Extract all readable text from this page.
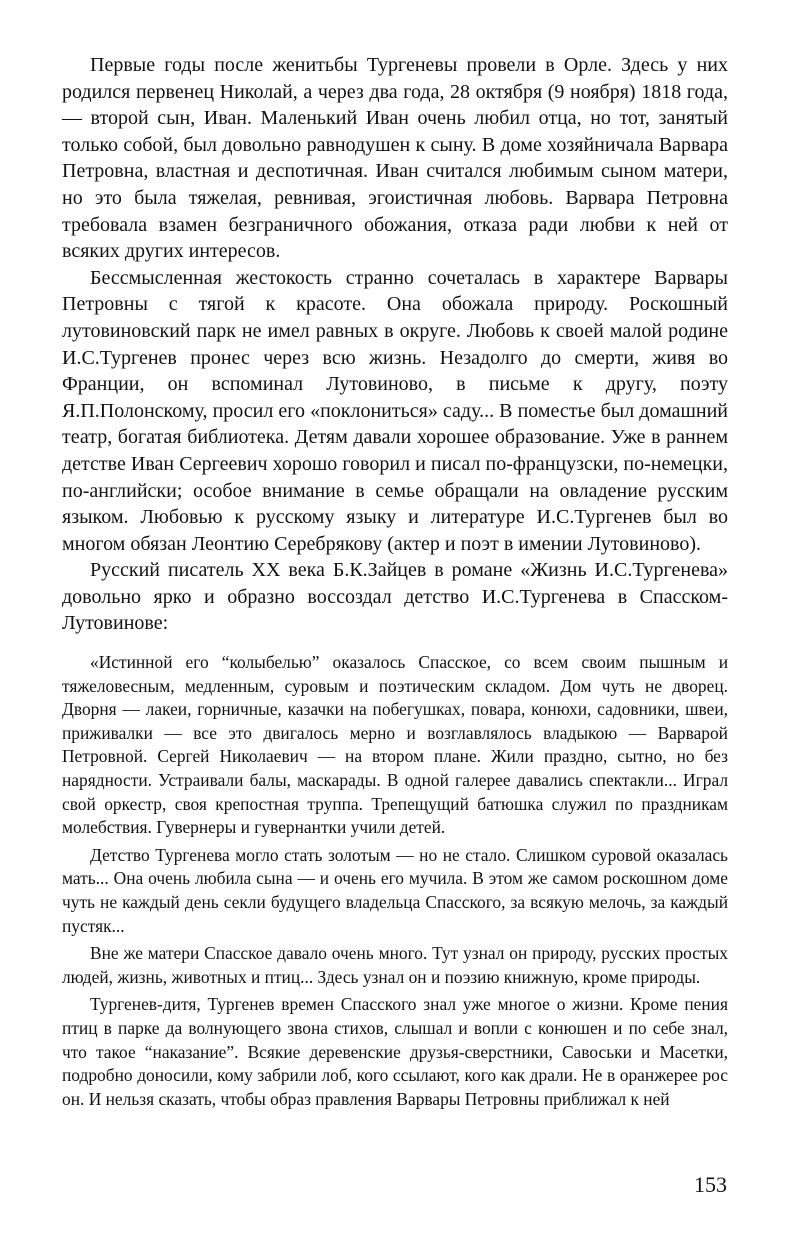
Первые годы после женитьбы Тургеневы провели в Орле. Здесь у них родился первенец Николай, а через два года, 28 октября (9 ноября) 1818 года, — второй сын, Иван. Маленький Иван очень любил отца, но тот, занятый только собой, был довольно равнодушен к сыну. В доме хозяйничала Варвара Петровна, властная и деспотичная. Иван считался любимым сыном матери, но это была тяжелая, ревнивая, эгоистичная любовь. Варвара Петровна требовала взамен безграничного обожания, отказа ради любви к ней от всяких других интересов.

Бессмысленная жестокость странно сочеталась в характере Варвары Петровны с тягой к красоте. Она обожала природу. Роскошный лутовиновский парк не имел равных в округе. Любовь к своей малой родине И.С.Тургенев пронес через всю жизнь. Незадолго до смерти, живя во Франции, он вспоминал Лутовиново, в письме к другу, поэту Я.П.Полонскому, просил его «поклониться» саду... В поместье был домашний театр, богатая библиотека. Детям давали хорошее образование. Уже в раннем детстве Иван Сергеевич хорошо говорил и писал по-французски, по-немецки, по-английски; особое внимание в семье обращали на овладение русским языком. Любовью к русскому языку и литературе И.С.Тургенев был во многом обязан Леонтию Серебрякову (актер и поэт в имении Лутовиново).

Русский писатель XX века Б.К.Зайцев в романе «Жизнь И.С.Тургенева» довольно ярко и образно воссоздал детство И.С.Тургенева в Спасском-Лутовинове:

«Истинной его “колыбелью” оказалось Спасское, со всем своим пышным и тяжеловесным, медленным, суровым и поэтическим складом. Дом чуть не дворец. Дворня — лакеи, горничные, казачки на побегушках, повара, конюхи, садовники, швеи, приживалки — все это двигалось мерно и возглавлялось владыкою — Варварой Петровной. Сергей Николаевич — на втором плане. Жили праздно, сытно, но без нарядности. Устраивали балы, маскарады. В одной галерее давались спектакли... Играл свой оркестр, своя крепостная труппа. Трепещущий батюшка служил по праздникам молебствия. Гувернеры и гувернантки учили детей.

Детство Тургенева могло стать золотым — но не стало. Слишком суровой оказалась мать... Она очень любила сына — и очень его мучила. В этом же самом роскошном доме чуть не каждый день секли будущего владельца Спасского, за всякую мелочь, за каждый пустяк...

Вне же матери Спасское давало очень много. Тут узнал он природу, русских простых людей, жизнь, животных и птиц... Здесь узнал он и поэзию книжную, кроме природы.

Тургенев-дитя, Тургенев времен Спасского знал уже многое о жизни. Кроме пения птиц в парке да волнующего звона стихов, слышал и вопли с конюшен и по себе знал, что такое “наказание”. Всякие деревенские друзья-сверстники, Савоськи и Масетки, подробно доносили, кому забрили лоб, кого ссылают, кого как драли. Не в оранжерее рос он. И нельзя сказать, чтобы образ правления Варвары Петровны приближал к ней

153
